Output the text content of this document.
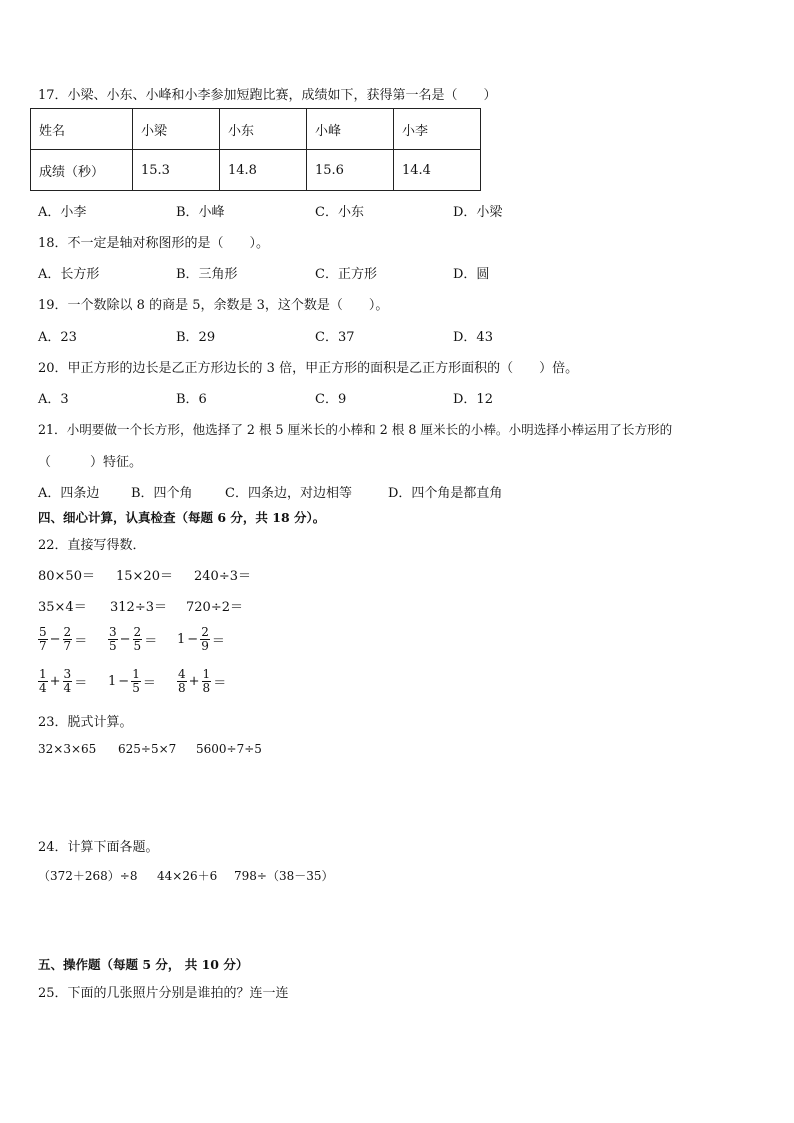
17．小梁、小东、小峰和小李参加短跑比赛，成绩如下，获得第一名是（　　）
姓名	小梁	小东	小峰	小李
成绩（秒）	15.3	14.8	15.6	14.4
A．小李	B．小峰	C．小东	D．小梁
18．不一定是轴对称图形的是（　　）。
A．长方形	B．三角形	C．正方形	D．圆
19．一个数除以 8 的商是 5，余数是 3，这个数是（　　）。
A．23	B．29	C．37	D．43
20．甲正方形的边长是乙正方形边长的 3 倍，甲正方形的面积是乙正方形面积的（　　）倍。
A．3	B．6	C．9	D．12
21．小明要做一个长方形，他选择了 2 根 5 厘米长的小棒和 2 根 8 厘米长的小棒。小明选择小棒运用了长方形的
（　　　）特征。
A．四条边 B．四个角 C．四条边，对边相等	D．四个角是都直角
四、细心计算，认真检查（每题 6 分，共 18 分）。
22．直接写得数．
80×50＝ 15×20＝ 240÷3＝
35×4＝ 312÷3＝ 720÷2＝
$\frac{5}{7} - \frac{2}{7} = \frac{3}{5} - \frac{2}{5} = 1 - \frac{2}{9}$ ＝
$\frac{1}{4} + \frac{3}{4} = 1 - \frac{1}{5} = \frac{4}{8} + \frac{1}{8}$ ＝
23．脱式计算。
32×3×65 625÷5×7 5600÷7÷5
24．计算下面各题。
（372＋268）÷8 44×26＋6 798÷（38－35）
五、操作题（每题 5 分， 共 10 分）
25．下面的几张照片分别是谁拍的？连一连
